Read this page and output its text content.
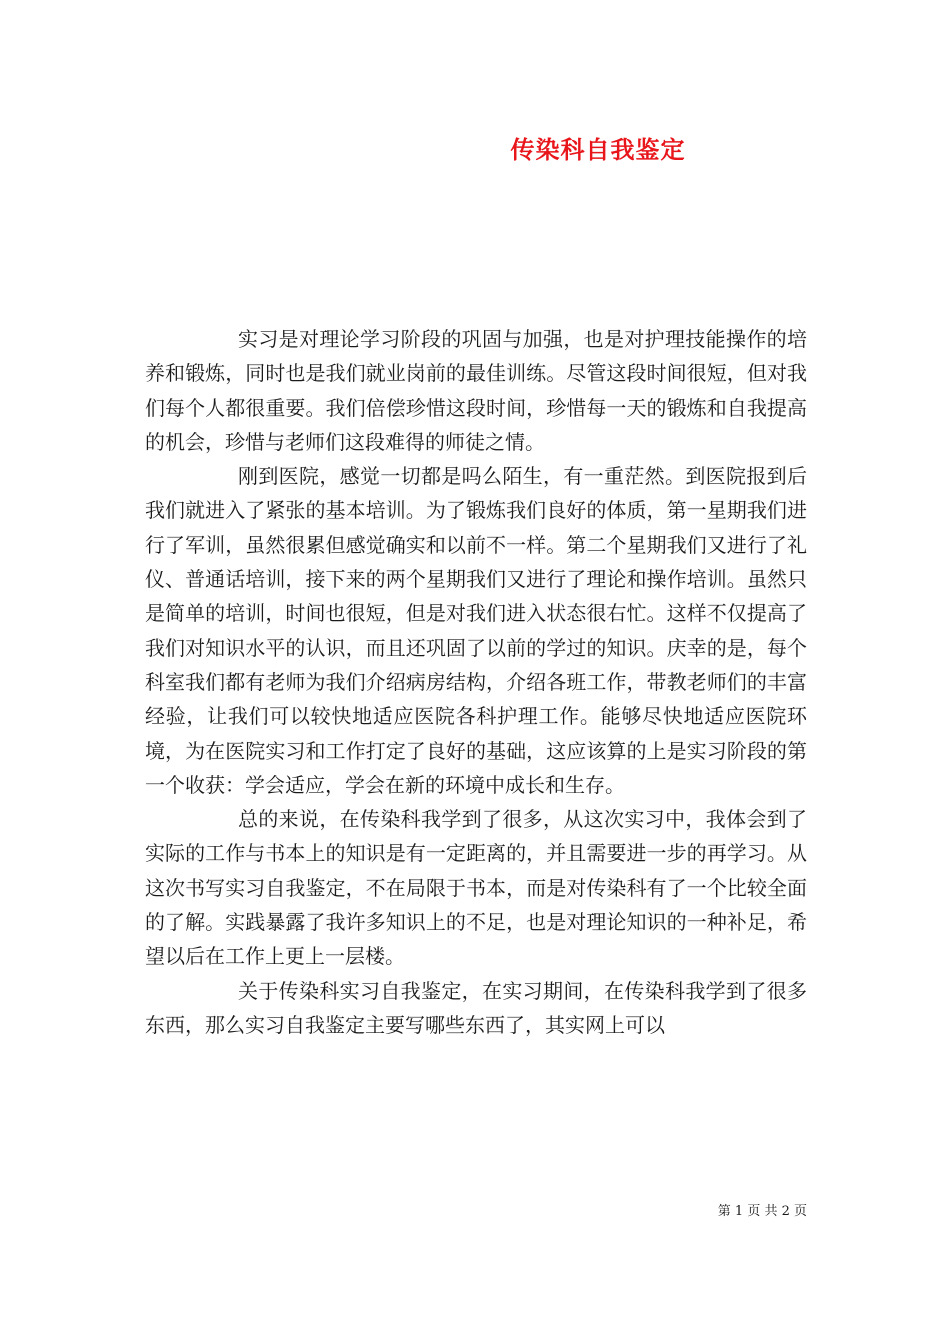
传染科自我鉴定

实习是对理论学习阶段的巩固与加强，也是对护理技能操作的培养和锻炼，同时也是我们就业岗前的最佳训练。尽管这段时间很短，但对我们每个人都很重要。我们倍偿珍惜这段时间，珍惜每一天的锻炼和自我提高的机会，珍惜与老师们这段难得的师徒之情。

刚到医院，感觉一切都是吗么陌生，有一重茫然。到医院报到后我们就进入了紧张的基本培训。为了锻炼我们良好的体质，第一星期我们进行了军训，虽然很累但感觉确实和以前不一样。第二个星期我们又进行了礼仪、普通话培训，接下来的两个星期我们又进行了理论和操作培训。虽然只是简单的培训，时间也很短，但是对我们进入状态很右忙。这样不仅提高了我们对知识水平的认识，而且还巩固了以前的学过的知识。庆幸的是，每个科室我们都有老师为我们介绍病房结构，介绍各班工作，带教老师们的丰富经验，让我们可以较快地适应医院各科护理工作。能够尽快地适应医院环境，为在医院实习和工作打定了良好的基础，这应该算的上是实习阶段的第一个收获：学会适应，学会在新的环境中成长和生存。

总的来说，在传染科我学到了很多，从这次实习中，我体会到了实际的工作与书本上的知识是有一定距离的，并且需要进一步的再学习。从这次书写实习自我鉴定，不在局限于书本，而是对传染科有了一个比较全面的了解。实践暴露了我许多知识上的不足，也是对理论知识的一种补足，希望以后在工作上更上一层楼。

关于传染科实习自我鉴定，在实习期间，在传染科我学到了很多东西，那么实习自我鉴定主要写哪些东西了，其实网上可以

第 1 页 共 2 页
